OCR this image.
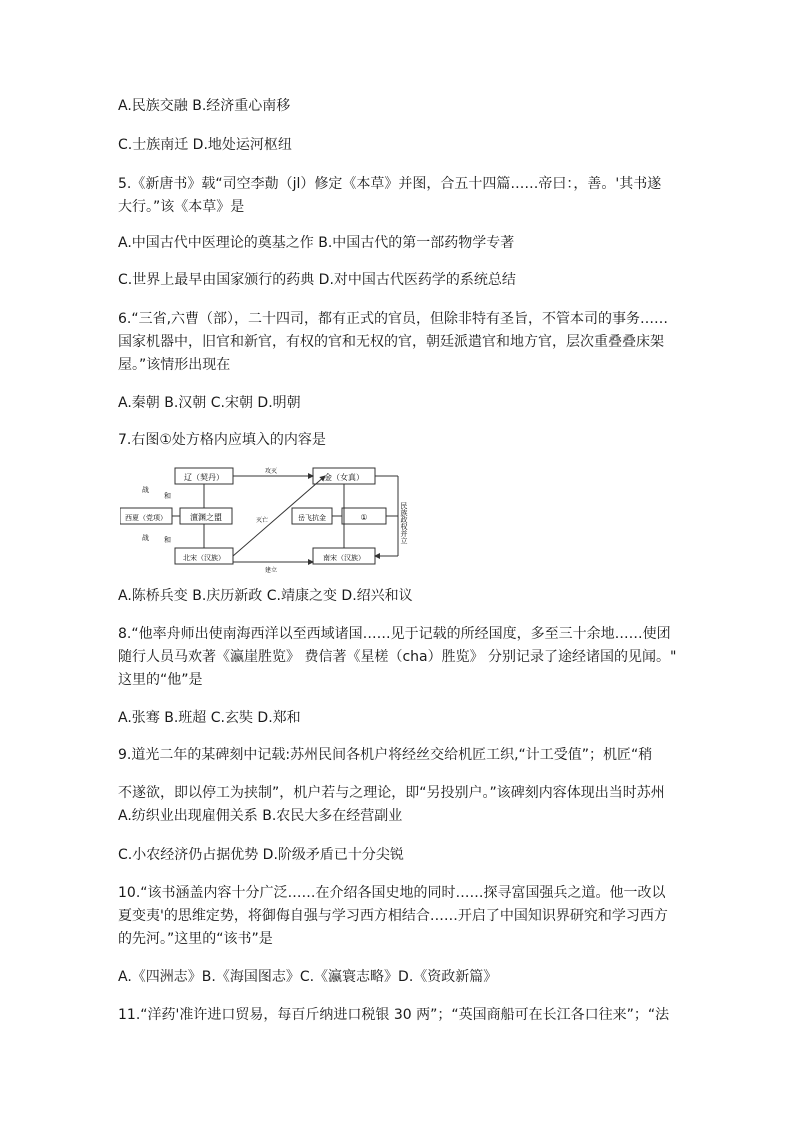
A.民族交融 B.经济重心南移
C.士族南迁 D.地处运河枢纽
5.《新唐书》载“司空李勣（jl）修定《本草》并图，合五十四篇……帝曰：，善。'其书遂
大行。”该《本草》是
A.中国古代中医理论的奠基之作 B.中国古代的第一部药物学专著
C.世界上最早由国家颁行的药典 D.对中国古代医药学的系统总结
6.“三省,六曹（部），二十四司，都有正式的官员，但除非特有圣旨，不管本司的事务……
国家机器中，旧官和新官，有权的官和无权的官，朝廷派遣官和地方官，层次重叠叠床架
屋。”该情形出现在
A.秦朝 B.汉朝 C.宋朝 D.明朝
7.右图①处方格内应填入的内容是
辽（契丹）	金（女真）
西夏（党项）	澶渊之盟	岳飞抗金	①
北宋（汉族）	南宋（汉族）
战
和
战 和
攻灭
灭亡
建立
民族政权并立
A.陈桥兵变 B.庆历新政 C.靖康之变 D.绍兴和议
8.“他率舟师出使南海西洋以至西域诸国……见于记载的所经国度，多至三十余地……使团
随行人员马欢著《瀛崖胜览》 费信著《星槎（cha）胜览》 分别记录了途经诸国的见闻。"
这里的“他”是
A.张骞 B.班超 C.玄奘 D.郑和
9.道光二年的某碑刻中记载:苏州民间各机户将经丝交给机匠工织,“计工受值”；机匠“稍
不遂欲，即以停工为挟制”，机户若与之理论，即“另投别户。”该碑刻内容体现出当时苏州
A.纺织业出现雇佣关系 B.农民大多在经营副业
C.小农经济仍占据优势 D.阶级矛盾已十分尖锐
10.“该书涵盖内容十分广泛……在介绍各国史地的同时……探寻富国强兵之道。他一改以
夏变夷'的思维定势，将御侮自强与学习西方相结合……开启了中国知识界研究和学习西方
的先河。”这里的“该书”是
A.《四洲志》B.《海国图志》C.《瀛寰志略》D.《资政新篇》
11.“洋药'准许进口贸易，每百斤纳进口税银 30 两”；“英国商船可在长江各口往来”；“法
